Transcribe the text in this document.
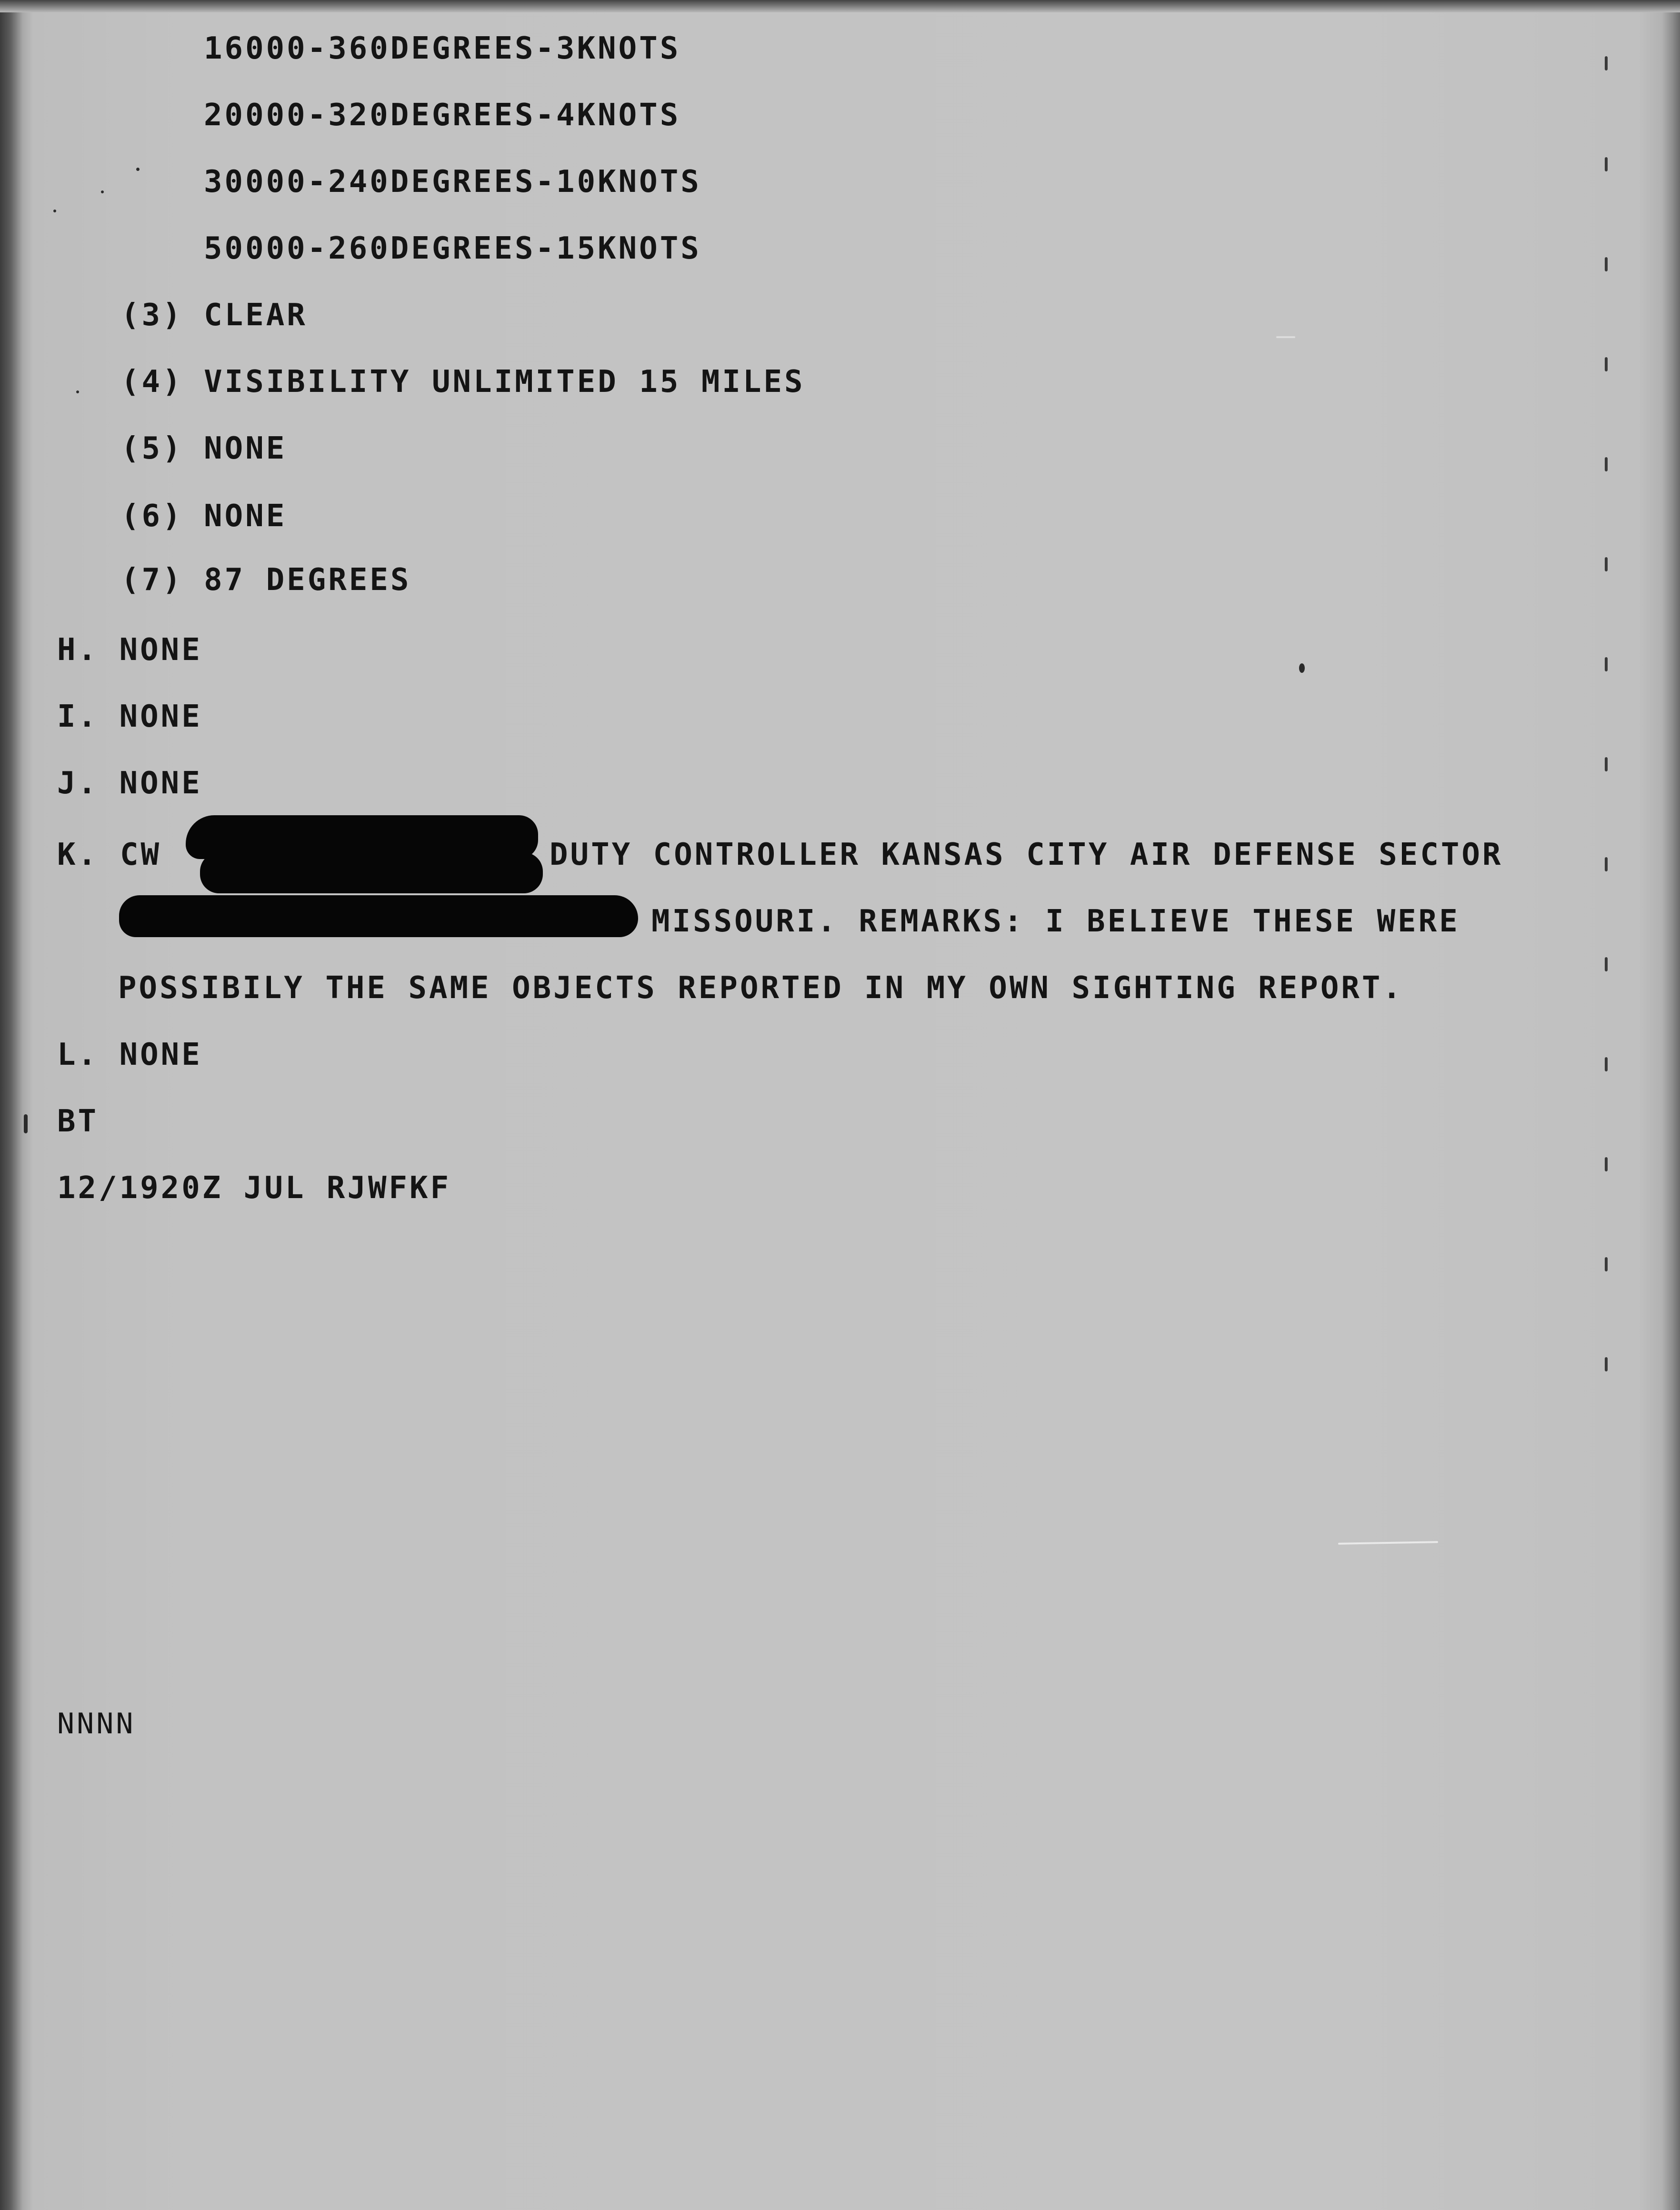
16000-360DEGREES-3KNOTS
20000-320DEGREES-4KNOTS
30000-240DEGREES-10KNOTS
50000-260DEGREES-15KNOTS
(3) CLEAR
(4) VISIBILITY UNLIMITED 15 MILES
(5) NONE
(6) NONE
(7) 87 DEGREES
H. NONE
I. NONE
J. NONE
K. CW	DUTY CONTROLLER KANSAS CITY AIR DEFENSE SECTOR
MISSOURI. REMARKS: I BELIEVE THESE WERE
POSSIBILY THE SAME OBJECTS REPORTED IN MY OWN SIGHTING REPORT.
L. NONE
BT
12/1920Z JUL RJWFKF
NNNN
